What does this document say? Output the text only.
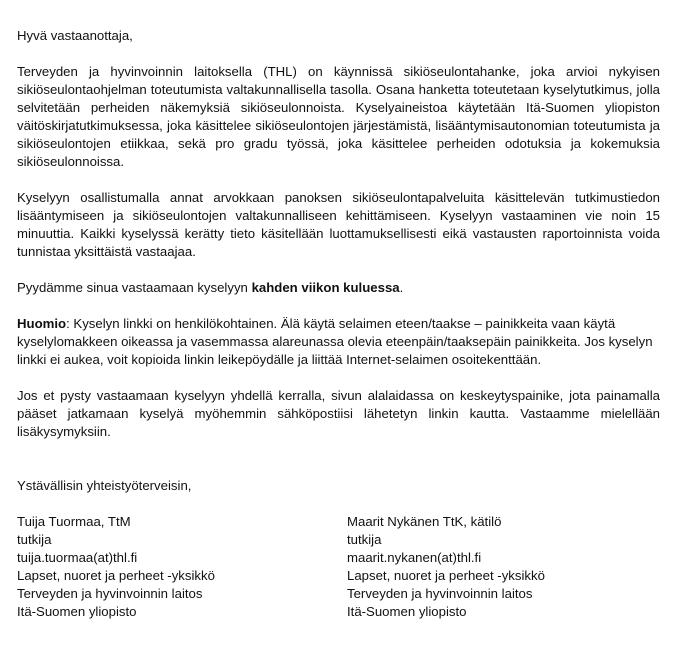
Hyvä vastaanottaja,

Terveyden ja hyvinvoinnin laitoksella (THL) on käynnissä sikiöseulontahanke, joka arvioi nykyisen sikiöseulontaohjelman toteutumista valtakunnallisella tasolla. Osana hanketta toteutetaan kyselytutkimus, jolla selvitetään perheiden näkemyksiä sikiöseulonnoista. Kyselyaineistoa käytetään Itä-Suomen yliopiston väitöskirjatutkimuksessa, joka käsittelee sikiöseulontojen järjestämistä, lisääntymisautonomian toteutumista ja sikiöseulontojen etiikkaa, sekä pro gradu työssä, joka käsittelee perheiden odotuksia ja kokemuksia sikiöseulonnoissa.

Kyselyyn osallistumalla annat arvokkaan panoksen sikiöseulontapalveluita käsittelevän tutkimustiedon lisääntymiseen ja sikiöseulontojen valtakunnalliseen kehittämiseen. Kyselyyn vastaaminen vie noin 15 minuuttia. Kaikki kyselyssä kerätty tieto käsitellään luottamuksellisesti eikä vastausten raportoinnista voida tunnistaa yksittäistä vastaajaa.

Pyydämme sinua vastaamaan kyselyyn kahden viikon kuluessa.

Huomio: Kyselyn linkki on henkilökohtainen. Älä käytä selaimen eteen/taakse – painikkeita vaan käytä kyselylomakkeen oikeassa ja vasemmassa alareunassa olevia eteenpäin/taaksepäin painikkeita. Jos kyselyn linkki ei aukea, voit kopioida linkin leikepöydälle ja liittää Internet-selaimen osoitekenttään.

Jos et pysty vastaamaan kyselyyn yhdellä kerralla, sivun alalaidassa on keskeytyspainike, jota painamalla pääset jatkamaan kyselyä myöhemmin sähköpostiisi lähetetyn linkin kautta. Vastaamme mielellään lisäkysymyksiin.

Ystävällisin yhteistyöterveisin,

Tuija Tuormaa, TtM
tutkija
tuija.tuormaa(at)thl.fi
Lapset, nuoret ja perheet -yksikkö
Terveyden ja hyvinvoinnin laitos
Itä-Suomen yliopisto
Maarit Nykänen TtK, kätilö
tutkija
maarit.nykanen(at)thl.fi
Lapset, nuoret ja perheet -yksikkö
Terveyden ja hyvinvoinnin laitos
Itä-Suomen yliopisto
